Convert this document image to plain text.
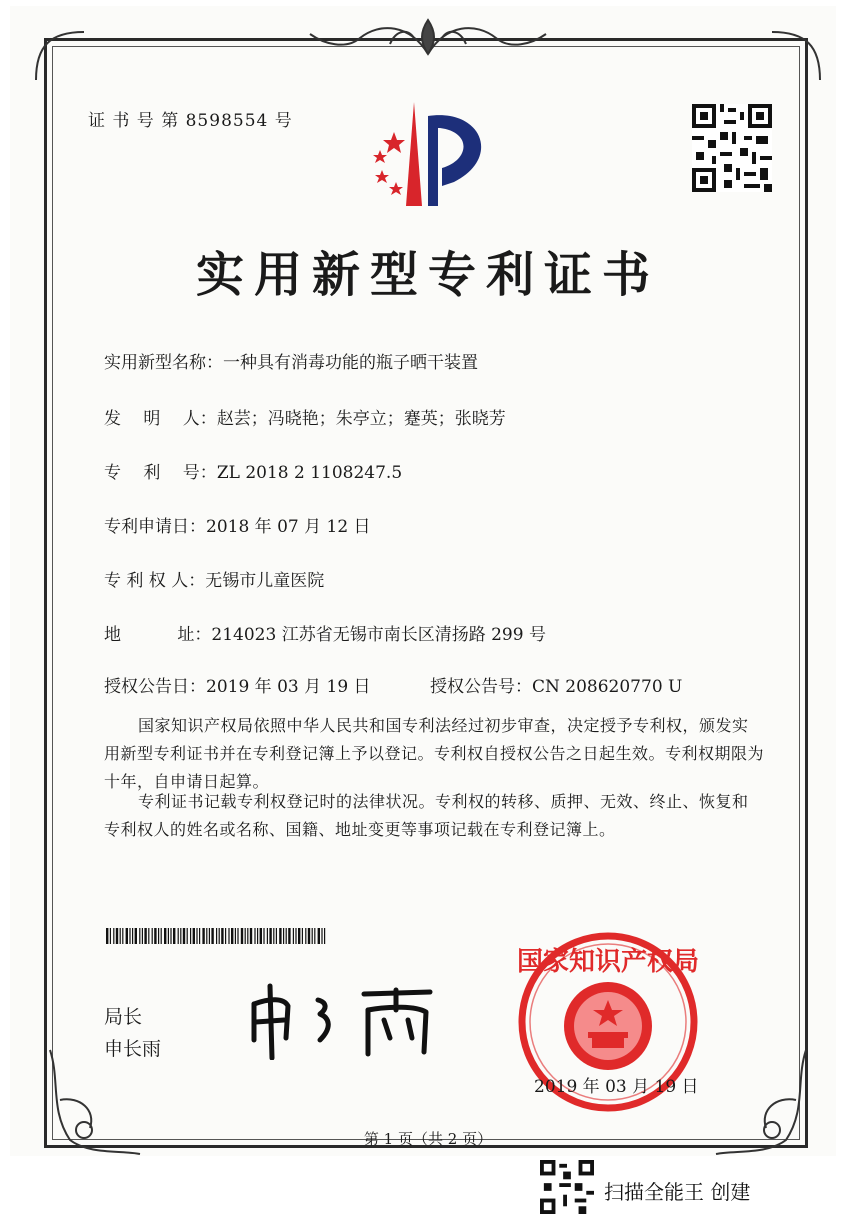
证 书 号 第 8598554 号
实用新型专利证书
实用新型名称：一种具有消毒功能的瓶子晒干装置
发　 明　 人：赵芸；冯晓艳；朱亭立；蹇英；张晓芳
专　 利　 号：ZL 2018 2 1108247.5
专利申请日：2018 年 07 月 12 日
专 利 权 人：无锡市儿童医院
地　　　 址：214023 江苏省无锡市南长区清扬路 299 号
授权公告日：2019 年 03 月 19 日	授权公告号：CN 208620770 U
国家知识产权局依照中华人民共和国专利法经过初步审查，决定授予专利权，颁发实用新型专利证书并在专利登记簿上予以登记。专利权自授权公告之日起生效。专利权期限为十年，自申请日起算。
专利证书记载专利权登记时的法律状况。专利权的转移、质押、无效、终止、恢复和专利权人的姓名或名称、国籍、地址变更等事项记载在专利登记簿上。
局长
申长雨
国家知识产权局
2019 年 03 月 19 日
第 1 页（共 2 页）
扫描全能王 创建
